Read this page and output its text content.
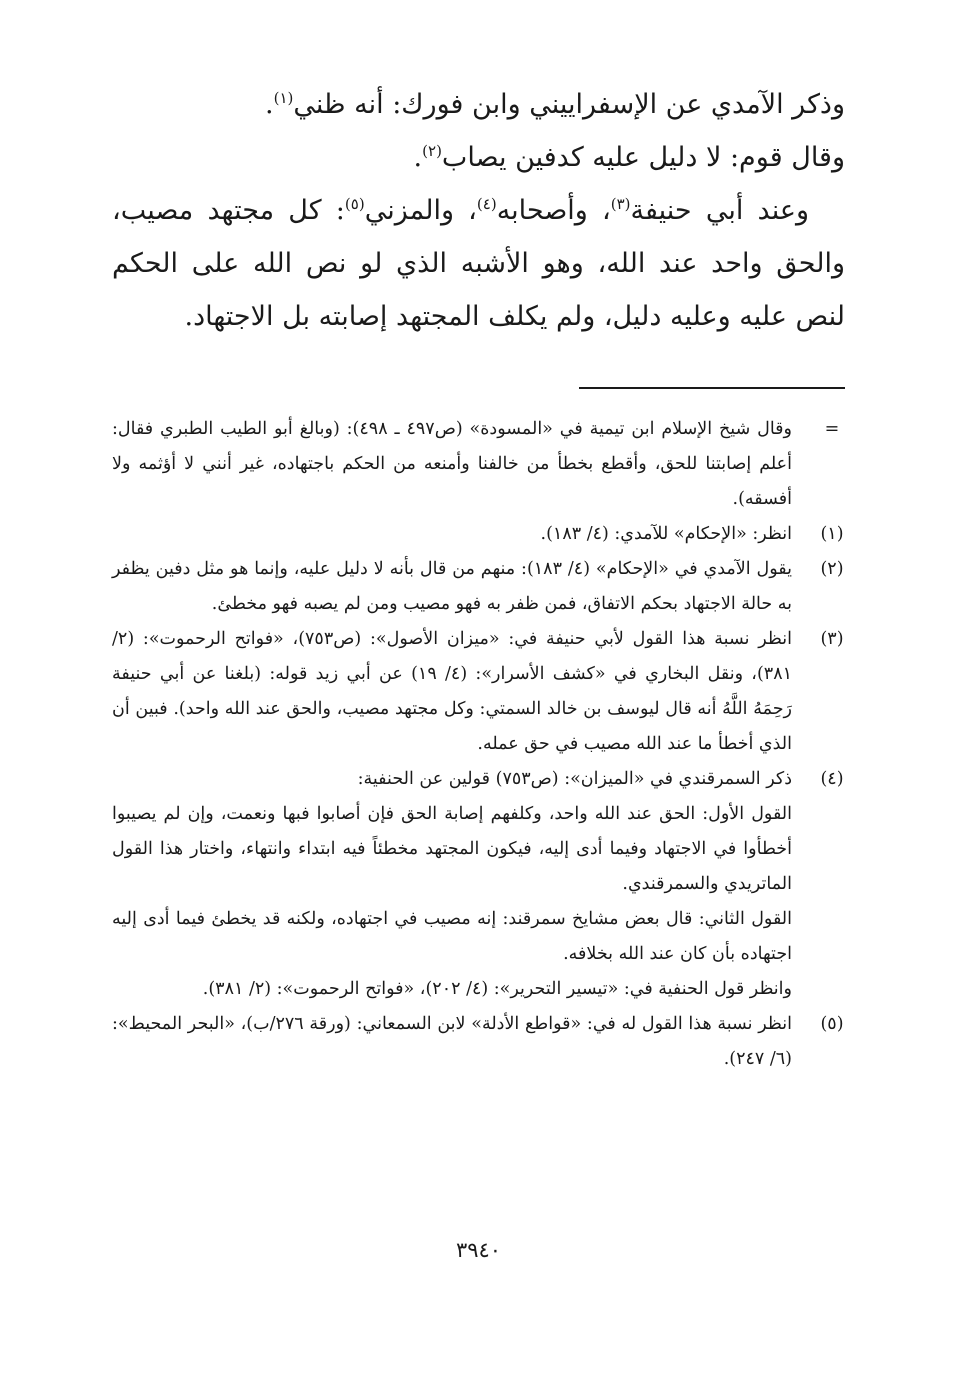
وذكر الآمدي عن الإسفراييني وابن فورك: أنه ظني$^{(١)}$.

وقال قوم: لا دليل عليه كدفين يصاب$^{(٢)}$.

وعند أبي حنيفة$^{(٣)}$، وأصحابه$^{(٤)}$، والمزني$^{(٥)}$: كل مجتهد مصيب، والحق واحد عند الله، وهو الأشبه الذي لو نص الله على الحكم لنص عليه وعليه دليل، ولم يكلف المجتهد إصابته بل الاجتهاد.

=

وقال شيخ الإسلام ابن تيمية في «المسودة» (ص٤٩٧ ـ ٤٩٨): (وبالغ أبو الطيب الطبري فقال: أعلم إصابتنا للحق، وأقطع بخطأ من خالفنا وأمنعه من الحكم باجتهاده، غير أنني لا أؤثمه ولا أفسقه).

(١)

انظر: «الإحكام» للآمدي: (٤/ ١٨٣).

(٢)

يقول الآمدي في «الإحكام» (٤/ ١٨٣): منهم من قال بأنه لا دليل عليه، وإنما هو مثل دفين يظفر به حالة الاجتهاد بحكم الاتفاق، فمن ظفر به فهو مصيب ومن لم يصبه فهو مخطئ.

(٣)

انظر نسبة هذا القول لأبي حنيفة في: «ميزان الأصول»: (ص٧٥٣)، «فواتح الرحموت»: (٢/ ٣٨١)، ونقل البخاري في «كشف الأسرار»: (٤/ ١٩) عن أبي زيد قوله: (بلغنا عن أبي حنيفة رَحِمَهُ اللَّهُ أنه قال ليوسف بن خالد السمتي: وكل مجتهد مصيب، والحق عند الله واحد). فبين أن الذي أخطأ ما عند الله مصيب في حق عمله.

(٤)

ذكر السمرقندي في «الميزان»: (ص٧٥٣) قولين عن الحنفية:

القول الأول: الحق عند الله واحد، وكلفهم إصابة الحق فإن أصابوا فبها ونعمت، وإن لم يصيبوا أخطأوا في الاجتهاد وفيما أدى إليه، فيكون المجتهد مخطئاً فيه ابتداء وانتهاء، واختار هذا القول الماتريدي والسمرقندي.

القول الثاني: قال بعض مشايخ سمرقند: إنه مصيب في اجتهاده، ولكنه قد يخطئ فيما أدى إليه اجتهاده بأن كان عند الله بخلافه.

وانظر قول الحنفية في: «تيسير التحرير»: (٤/ ٢٠٢)، «فواتح الرحموت»: (٢/ ٣٨١).

(٥)

انظر نسبة هذا القول له في: «قواطع الأدلة» لابن السمعاني: (ورقة ٢٧٦/ب)، «البحر المحيط»: (٦/ ٢٤٧).

٣٩٤٠
